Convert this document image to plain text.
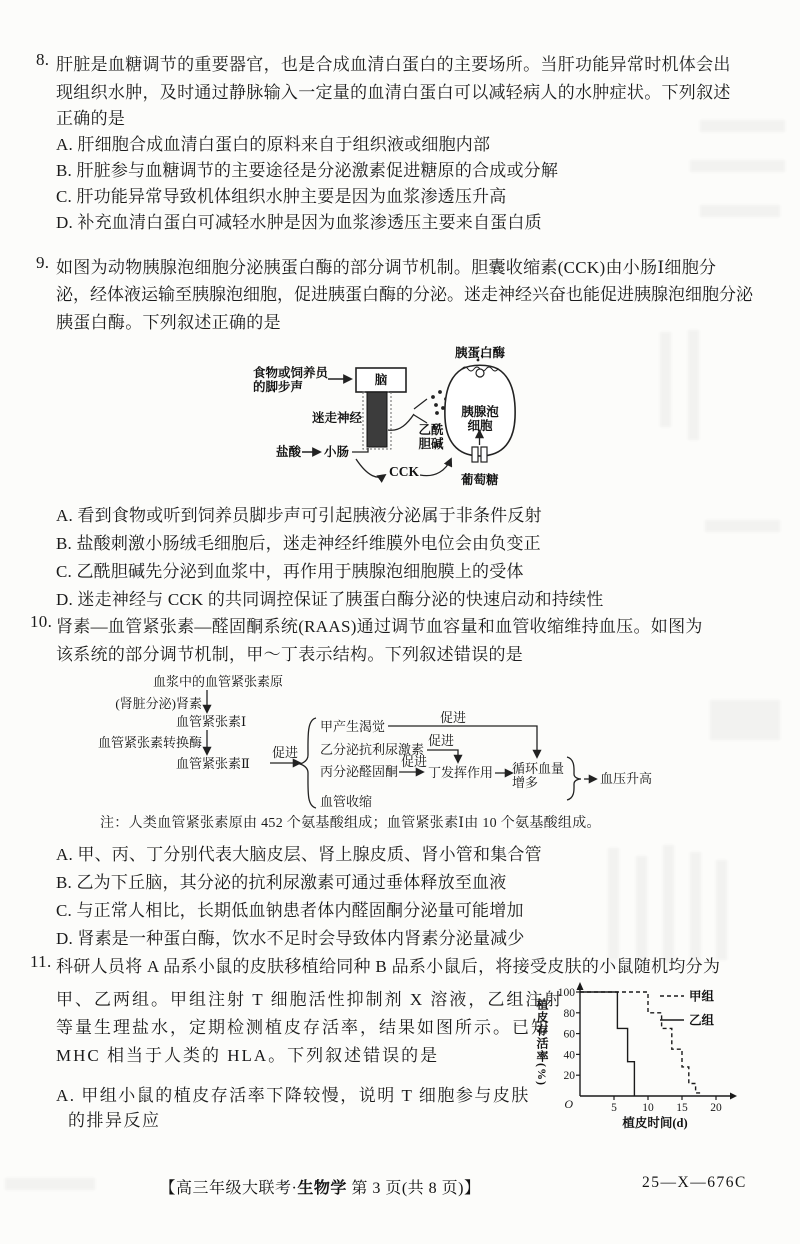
8. 肝脏是血糖调节的重要器官，也是合成血清白蛋白的主要场所。当肝功能异常时机体会出
现组织水肿，及时通过静脉输入一定量的血清白蛋白可以减轻病人的水肿症状。下列叙述
正确的是
A. 肝细胞合成血清白蛋白的原料来自于组织液或细胞内部
B. 肝脏参与血糖调节的主要途径是分泌激素促进糖原的合成或分解
C. 肝功能异常导致机体组织水肿主要是因为血浆渗透压升高
D. 补充血清白蛋白可减轻水肿是因为血浆渗透压主要来自蛋白质
9. 如图为动物胰腺泡细胞分泌胰蛋白酶的部分调节机制。胆囊收缩素(CCK)由小肠Ⅰ细胞分
泌，经体液运输至胰腺泡细胞，促进胰蛋白酶的分泌。迷走神经兴奋也能促进胰腺泡细胞分泌
胰蛋白酶。下列叙述正确的是
食物或饲养员
的脚步声	脑
迷走神经
盐酸 小肠
乙酰
胆碱
CCK
胰蛋白酶
胰腺泡
细胞
葡萄糖
A. 看到食物或听到饲养员脚步声可引起胰液分泌属于非条件反射
B. 盐酸刺激小肠绒毛细胞后，迷走神经纤维膜外电位会由负变正
C. 乙酰胆碱先分泌到血浆中，再作用于胰腺泡细胞膜上的受体
D. 迷走神经与 CCK 的共同调控保证了胰蛋白酶分泌的快速启动和持续性
10. 肾素—血管紧张素—醛固酮系统(RAAS)通过调节血容量和血管收缩维持血压。如图为
该系统的部分调节机制，甲～丁表示结构。下列叙述错误的是
血浆中的血管紧张素原
(肾脏分泌)肾素
血管紧张素Ⅰ
血管紧张素转换酶
血管紧张素Ⅱ
促进
甲产生渴觉
促进
乙分泌抗利尿激素
促进
丙分泌醛固酮
促进
丁发挥作用
血管收缩
循环血量
增多	血压升高
注：人类血管紧张素原由 452 个氨基酸组成；血管紧张素Ⅰ由 10 个氨基酸组成。
A. 甲、丙、丁分别代表大脑皮层、肾上腺皮质、肾小管和集合管
B. 乙为下丘脑，其分泌的抗利尿激素可通过垂体释放至血液
C. 与正常人相比，长期低血钠患者体内醛固酮分泌量可能增加
D. 肾素是一种蛋白酶，饮水不足时会导致体内肾素分泌量减少
11. 科研人员将 A 品系小鼠的皮肤移植给同种 B 品系小鼠后，将接受皮肤的小鼠随机均分为
甲、乙两组。甲组注射 T 细胞活性抑制剂 X 溶液，乙组注射
等量生理盐水，定期检测植皮存活率，结果如图所示。已知
MHC 相当于人类的 HLA。下列叙述错误的是
A. 甲组小鼠的植皮存活率下降较慢，说明 T 细胞参与皮肤
的排异反应
植皮存活率(%) 20
40
60
80
100
5 10 15 20
O
植皮时间(d)
甲组
乙组
【高三年级大联考·生物学 第 3 页(共 8 页)】	25—X—676C
